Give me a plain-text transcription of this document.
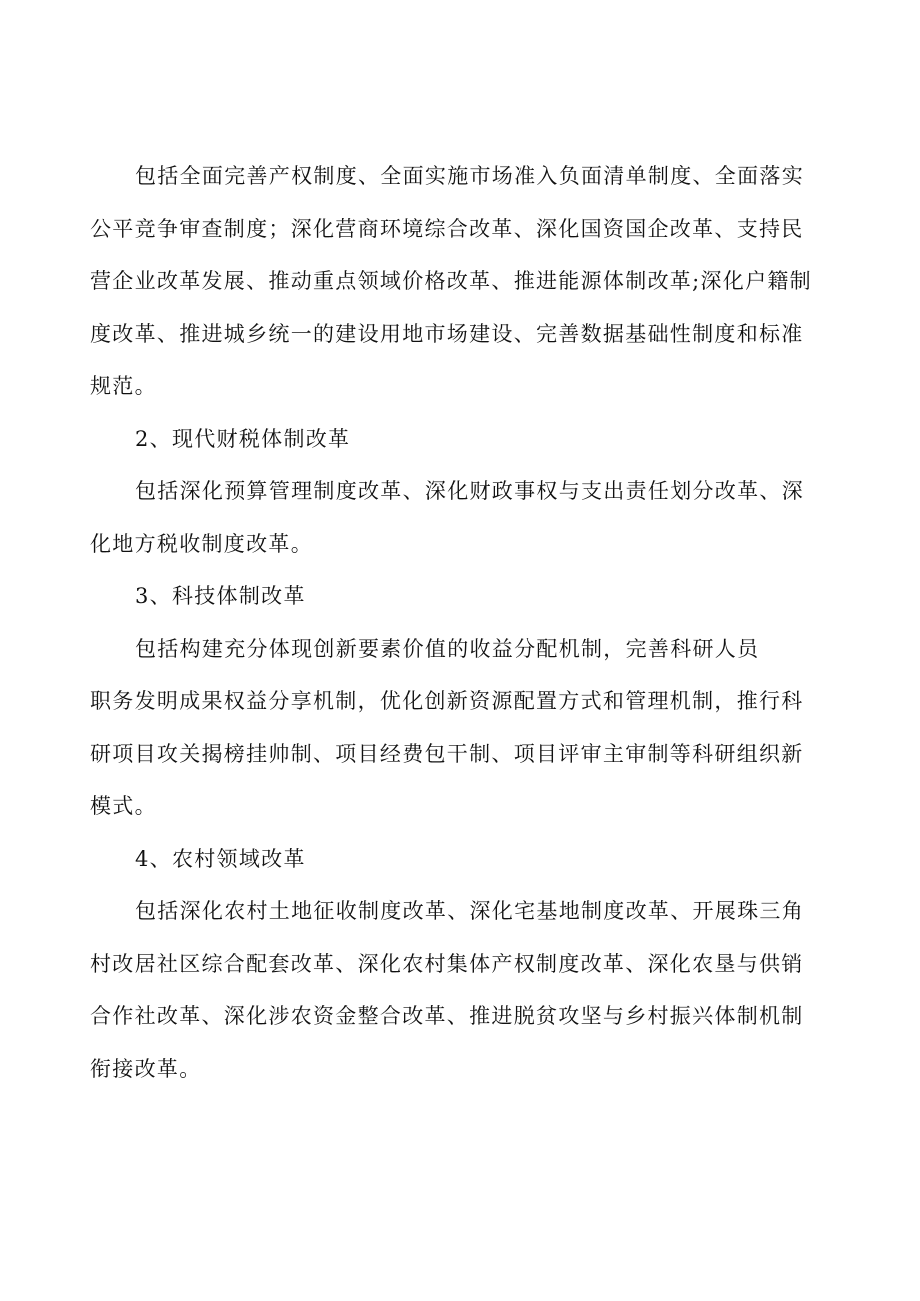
包括全面完善产权制度、全面实施市场准入负面清单制度、全面落实
公平竞争审查制度；深化营商环境综合改革、深化国资国企改革、支持民
营企业改革发展、推动重点领域价格改革、推进能源体制改革;深化户籍制
度改革、推进城乡统一的建设用地市场建设、完善数据基础性制度和标准
规范。
2、现代财税体制改革
包括深化预算管理制度改革、深化财政事权与支出责任划分改革、深
化地方税收制度改革。
3、科技体制改革
包括构建充分体现创新要素价值的收益分配机制，完善科研人员
职务发明成果权益分享机制，优化创新资源配置方式和管理机制，推行科
研项目攻关揭榜挂帅制、项目经费包干制、项目评审主审制等科研组织新
模式。
4、农村领域改革
包括深化农村土地征收制度改革、深化宅基地制度改革、开展珠三角
村改居社区综合配套改革、深化农村集体产权制度改革、深化农垦与供销
合作社改革、深化涉农资金整合改革、推进脱贫攻坚与乡村振兴体制机制
衔接改革。
